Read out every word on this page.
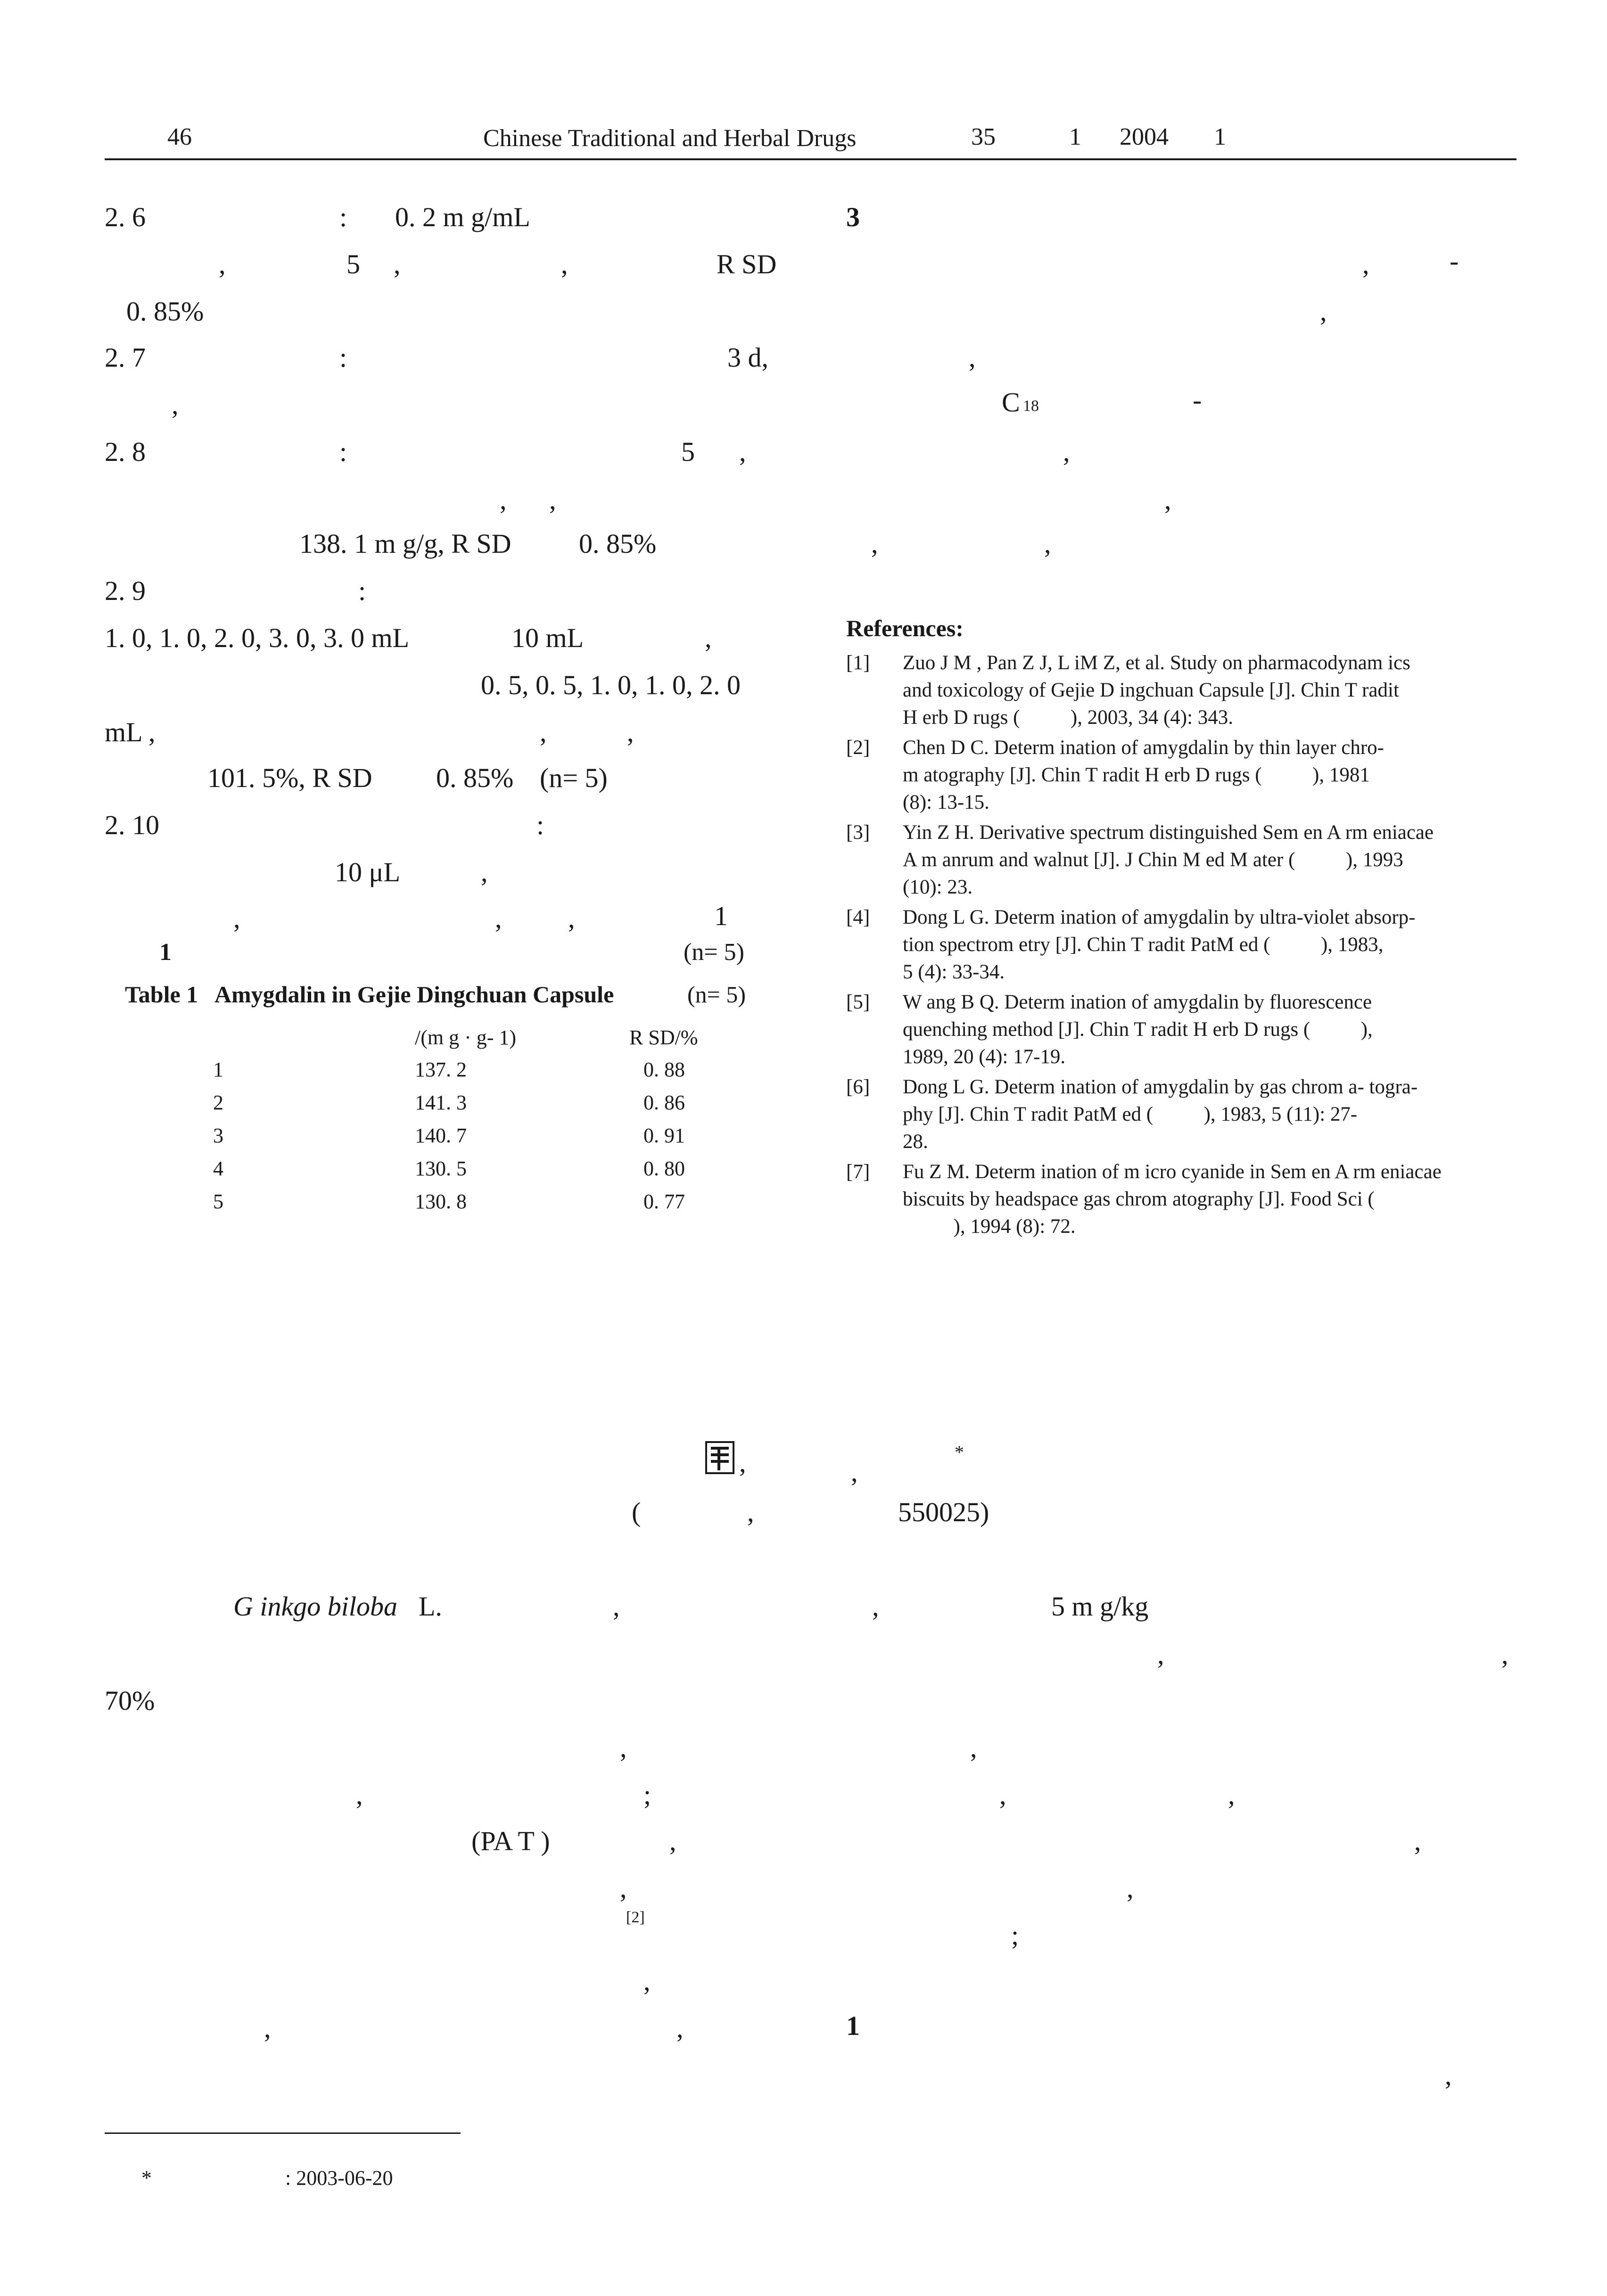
46	Chinese Traditional and Herbal Drugs	35	1 2004 1
2. 6	: 0. 2 m g/mL
,	5 ,	,	R SD
0. 85%
2. 7	:	3 d,
,
2. 8	:	5 ,
, ,
138. 1 m g/g, R SD 0. 85%
2. 9	:
1. 0, 1. 0, 2. 0, 3. 0, 3. 0 mL	10 mL	,
0. 5, 0. 5, 1. 0, 1. 0, 2. 0
mL ,	,	,
101. 5%, R SD 0. 85% (n= 5)
2. 10	:
10 μL	,
,	, ,	1
1	(n= 5)
Table 1   Amygdalin in Gejie Dingchuan Capsule	(n= 5)
/(m g · g- 1)	R SD/%
1	137. 2	0. 88
2	141. 3	0. 86
3	140. 7	0. 91
4	130. 5	0. 80
5	130. 8	0. 77
3
,	-
,
,
C 18	-
,
,
,	,
References:
[1] Zuo J M , Pan Z J, L iM Z, et al. Study on pharmacodynam ics
and toxicology of Gejie D ingchuan Capsule [J]. Chin T radit
H erb D rugs (          ), 2003, 34 (4): 343.
[2] Chen D C. Determ ination of amygdalin by thin layer chro-
m atography [J]. Chin T radit H erb D rugs (          ), 1981
(8): 13-15.
[3] Yin Z H. Derivative spectrum distinguished Sem en A rm eniacae
A m anrum and walnut [J]. J Chin M ed M ater (          ), 1993
(10): 23.
[4] Dong L G. Determ ination of amygdalin by ultra-violet absorp-
tion spectrom etry [J]. Chin T radit PatM ed (          ), 1983,
5 (4): 33-34.
[5] W ang B Q. Determ ination of amygdalin by fluorescence
quenching method [J]. Chin T radit H erb D rugs (          ),
1989, 20 (4): 17-19.
[6] Dong L G. Determ ination of amygdalin by gas chrom a- togra-
phy [J]. Chin T radit PatM ed (          ), 1983, 5 (11): 27-
28.
[7] Fu Z M. Determ ination of m icro cyanide in Sem en A rm eniacae
biscuits by headspace gas chrom atography [J]. Food Sci (
), 1994 (8): 72.
,	,
*
(	,	550025)
G inkgo biloba L.	,	,	5 m g/kg
,	,
70%
,	,
,	;	,	,
(PA T )	,	,
,	,
;
,
,	,	1
,
[2]
*	: 2003-06-20
